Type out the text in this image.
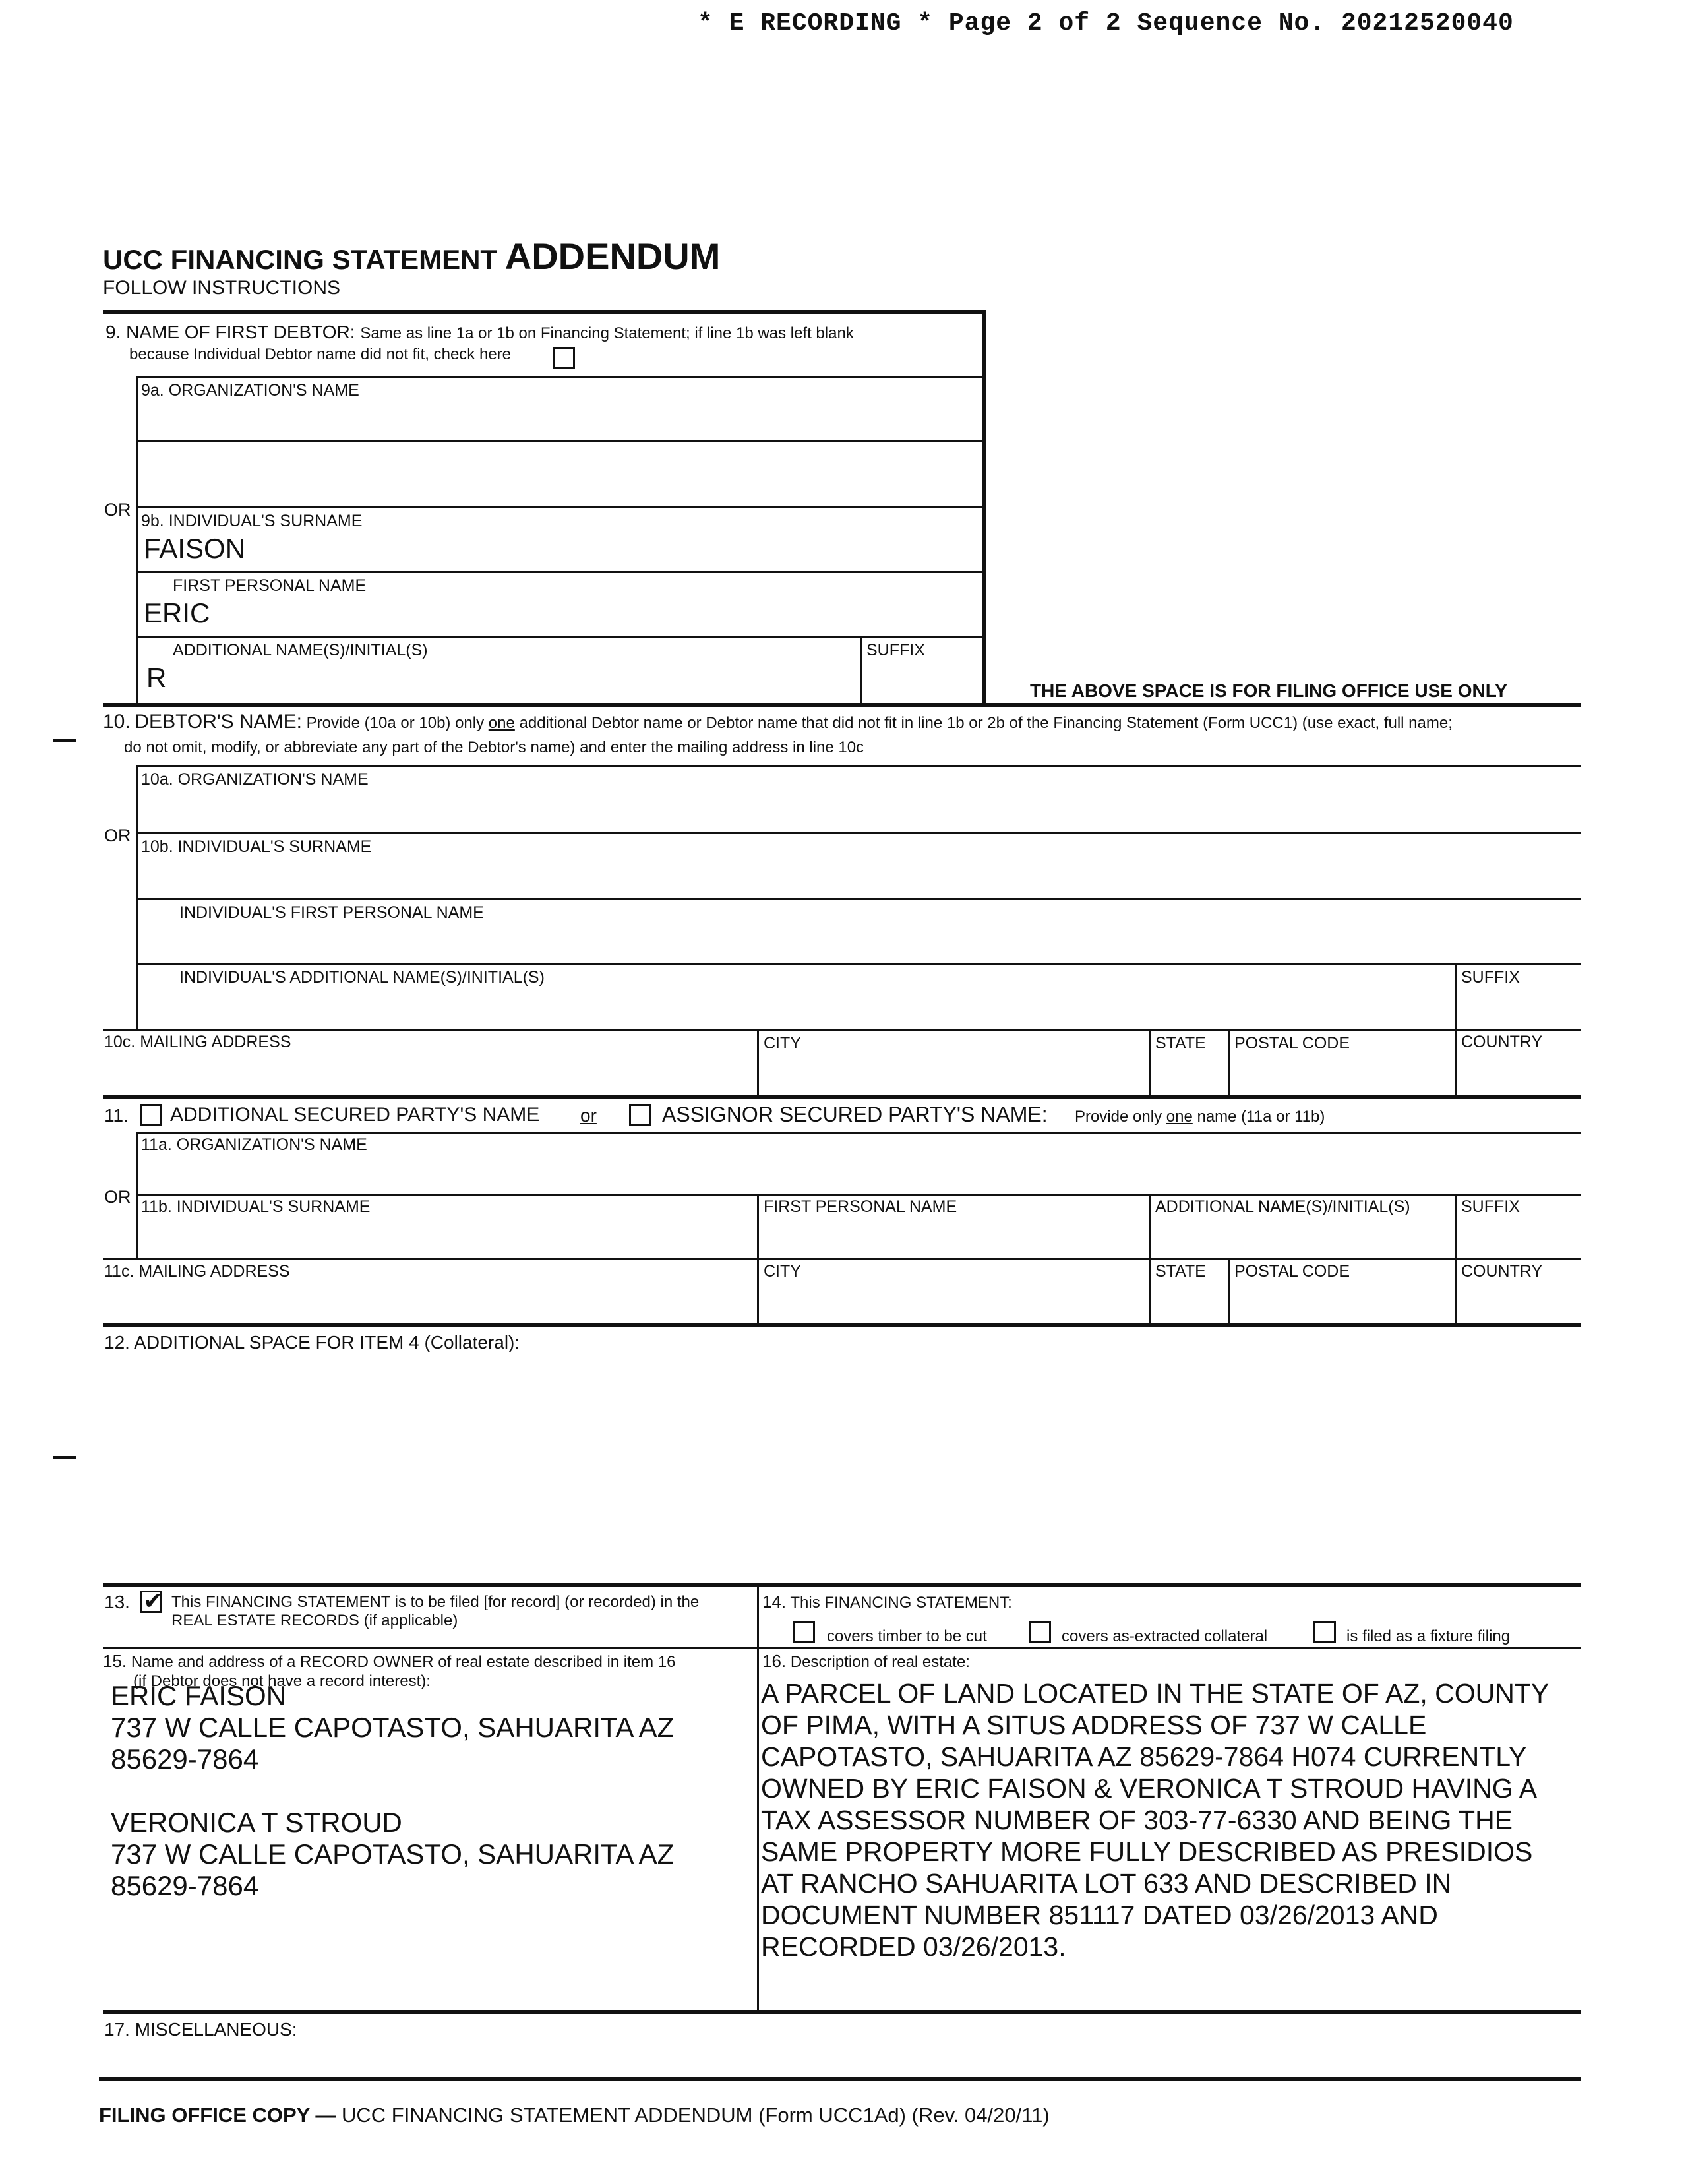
* E RECORDING * Page 2 of 2 Sequence No. 20212520040
UCC FINANCING STATEMENT ADDENDUM
FOLLOW INSTRUCTIONS
9. NAME OF FIRST DEBTOR: Same as line 1a or 1b on Financing Statement; if line 1b was left blank
because Individual Debtor name did not fit, check here
9a. ORGANIZATION'S NAME
OR
9b. INDIVIDUAL'S SURNAME
FAISON
FIRST PERSONAL NAME
ERIC
ADDITIONAL NAME(S)/INITIAL(S)
R
SUFFIX
THE ABOVE SPACE IS FOR FILING OFFICE USE ONLY
10. DEBTOR'S NAME: Provide (10a or 10b) only one additional Debtor name or Debtor name that did not fit in line 1b or 2b of the Financing Statement (Form UCC1) (use exact, full name;
do not omit, modify, or abbreviate any part of the Debtor's name) and enter the mailing address in line 10c
10a. ORGANIZATION'S NAME
OR
10b. INDIVIDUAL'S SURNAME
INDIVIDUAL'S FIRST PERSONAL NAME
INDIVIDUAL'S ADDITIONAL NAME(S)/INITIAL(S)	SUFFIX
10c. MAILING ADDRESS	CITY	STATE POSTAL CODE	COUNTRY
11. ADDITIONAL SECURED PARTY'S NAME or	ASSIGNOR SECURED PARTY'S NAME: Provide only one name (11a or 11b)
11a. ORGANIZATION'S NAME
OR 11b. INDIVIDUAL'S SURNAME	FIRST PERSONAL NAME	ADDITIONAL NAME(S)/INITIAL(S)	SUFFIX
11c. MAILING ADDRESS	CITY	STATE POSTAL CODE	COUNTRY
12. ADDITIONAL SPACE FOR ITEM 4 (Collateral):
13.
✔	This FINANCING STATEMENT is to be filed [for record] (or recorded) in the
REAL ESTATE RECORDS (if applicable)
14. This FINANCING STATEMENT:
covers timber to be cut	covers as-extracted collateral	is filed as a fixture filing
15. Name and address of a RECORD OWNER of real estate described in item 16
(if Debtor does not have a record interest):
ERIC FAISON
737 W CALLE CAPOTASTO, SAHUARITA AZ
85629-7864
VERONICA T STROUD
737 W CALLE CAPOTASTO, SAHUARITA AZ
85629-7864
16. Description of real estate:
A PARCEL OF LAND LOCATED IN THE STATE OF AZ, COUNTY
OF PIMA, WITH A SITUS ADDRESS OF 737 W CALLE
CAPOTASTO, SAHUARITA AZ 85629-7864 H074 CURRENTLY
OWNED BY ERIC FAISON & VERONICA T STROUD HAVING A
TAX ASSESSOR NUMBER OF 303-77-6330 AND BEING THE
SAME PROPERTY MORE FULLY DESCRIBED AS PRESIDIOS
AT RANCHO SAHUARITA LOT 633 AND DESCRIBED IN
DOCUMENT NUMBER 851117 DATED 03/26/2013 AND
RECORDED 03/26/2013.
17. MISCELLANEOUS:
FILING OFFICE COPY — UCC FINANCING STATEMENT ADDENDUM (Form UCC1Ad) (Rev. 04/20/11)
